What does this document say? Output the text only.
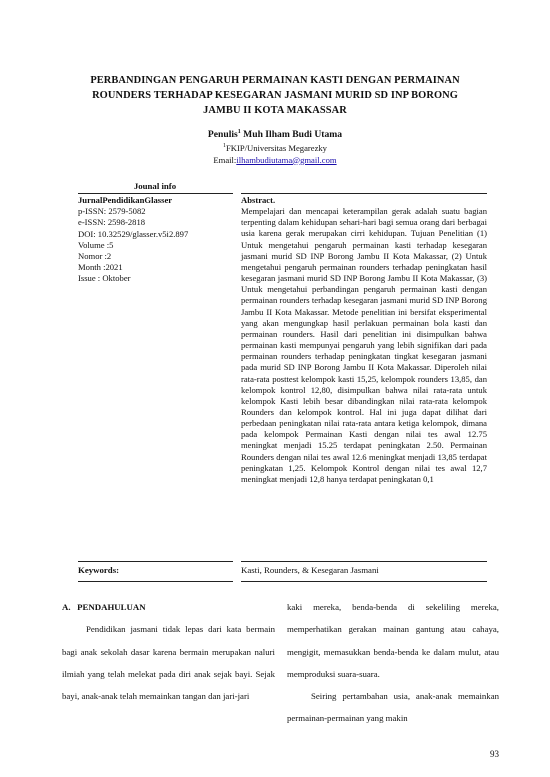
PERBANDINGAN PENGARUH PERMAINAN KASTI DENGAN PERMAINAN
ROUNDERS TERHADAP KESEGARAN JASMANI MURID SD INP BORONG
JAMBU II KOTA MAKASSAR
Penulis$^1$ Muh Ilham Budi Utama
$^1$FKIP/Universitas Megarezky
Email:ilhambudiutama@gmail.com
Jounal info
JurnalPendidikanGlasser
p-ISSN: 2579-5082
e-ISSN: 2598-2818
DOI: 10.32529/glasser.v5i2.897
Volume :5
Nomor :2
Month :2021
Issue : Oktober
Abstract.
Mempelajari dan mencapai keterampilan gerak adalah suatu bagian terpenting dalam kehidupan sehari-hari bagi semua orang dari berbagai usia karena gerak merupakan cirri kehidupan. Tujuan Penelitian (1) Untuk mengetahui pengaruh permainan kasti terhadap kesegaran jasmani murid SD INP Borong Jambu II Kota Makassar, (2) Untuk mengetahui pengaruh permainan rounders terhadap peningkatan hasil kesegaran jasmani murid SD INP Borong Jambu II Kota Makassar, (3) Untuk mengetahui perbandingan pengaruh permainan kasti dengan permainan rounders terhadap kesegaran jasmani murid SD INP Borong Jambu II Kota Makassar. Metode penelitian ini bersifat eksperimental yang akan mengungkap hasil perlakuan permainan bola kasti dan permainan rounders. Hasil dari penelitian ini disimpulkan bahwa permainan kasti mempunyai pengaruh yang lebih signifikan dari pada permainan rounders terhadap peningkatan tingkat kesegaran jasmani pada murid SD INP Borong Jambu II Kota Makassar. Diperoleh nilai rata-rata posttest kelompok kasti 15,25, kelompok rounders 13,85, dan kelompok kontrol 12,80, disimpulkan bahwa nilai rata-rata untuk kelompok Kasti lebih besar dibandingkan nilai rata-rata kelompok Rounders dan kelompok kontrol. Hal ini juga dapat dilihat dari perbedaan peningkatan nilai rata-rata antara ketiga kelompok, dimana pada kelompok Permainan Kasti dengan nilai tes awal 12.75 meningkat menjadi 15.25 terdapat peningkatan 2.50. Permainan Rounders dengan nilai tes awal 12.6 meningkat menjadi 13,85 terdapat peningkatan 1,25. Kelompok Kontrol dengan nilai tes awal 12,7 meningkat menjadi 12,8 hanya terdapat peningkatan 0,1
Keywords:	Kasti, Rounders, & Kesegaran Jasmani
A.   PENDAHULUAN

Pendidikan jasmani tidak lepas dari kata bermain bagi anak sekolah dasar karena bermain merupakan naluri ilmiah yang telah melekat pada diri anak sejak bayi. Sejak bayi, anak-anak telah memainkan tangan dan jari-jari

kaki mereka, benda-benda di sekeliling mereka, memperhatikan gerakan mainan gantung atau cahaya, mengigit, memasukkan benda-benda ke dalam mulut, atau memproduksi suara-suara.

Seiring pertambahan usia, anak-anak memainkan permainan-permainan yang makin

93
